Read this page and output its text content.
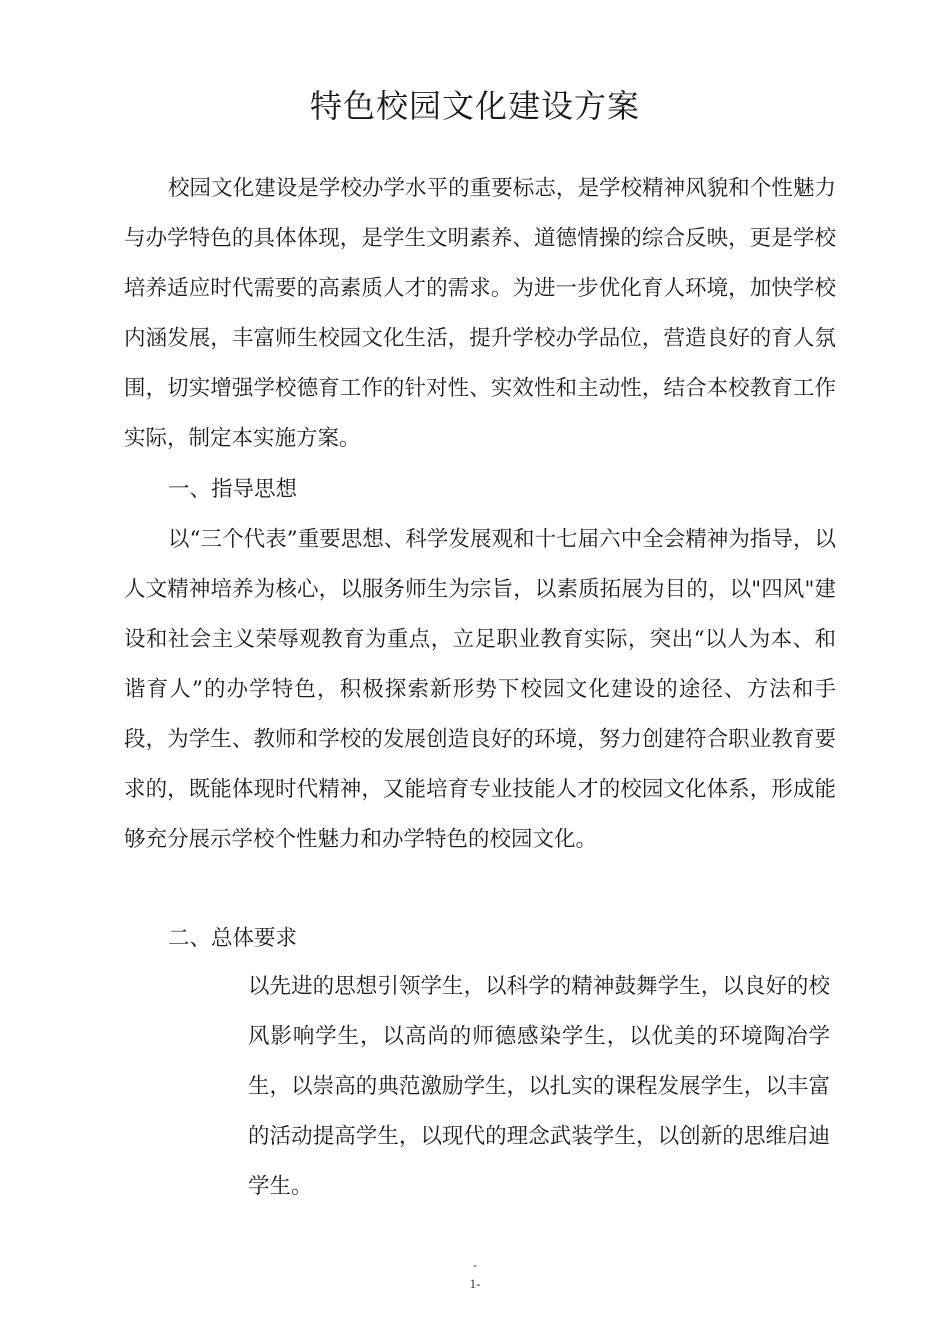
特色校园文化建设方案

校园文化建设是学校办学水平的重要标志，是学校精神风貌和个性魅力与办学特色的具体体现，是学生文明素养、道德情操的综合反映，更是学校培养适应时代需要的高素质人才的需求。为进一步优化育人环境，加快学校内涵发展，丰富师生校园文化生活，提升学校办学品位，营造良好的育人氛围，切实增强学校德育工作的针对性、实效性和主动性，结合本校教育工作实际，制定本实施方案。

一、指导思想

以“三个代表”重要思想、科学发展观和十七届六中全会精神为指导，以人文精神培养为核心，以服务师生为宗旨，以素质拓展为目的，以"四风"建设和社会主义荣辱观教育为重点，立足职业教育实际，突出“以人为本、和谐育人”的办学特色，积极探索新形势下校园文化建设的途径、方法和手段，为学生、教师和学校的发展创造良好的环境，努力创建符合职业教育要求的，既能体现时代精神，又能培育专业技能人才的校园文化体系，形成能够充分展示学校个性魅力和办学特色的校园文化。

二、总体要求

以先进的思想引领学生，以科学的精神鼓舞学生，以良好的校风影响学生，以高尚的师德感染学生，以优美的环境陶冶学生，以崇高的典范激励学生，以扎实的课程发展学生，以丰富的活动提高学生，以现代的理念武装学生，以创新的思维启迪学生。

-
1-
